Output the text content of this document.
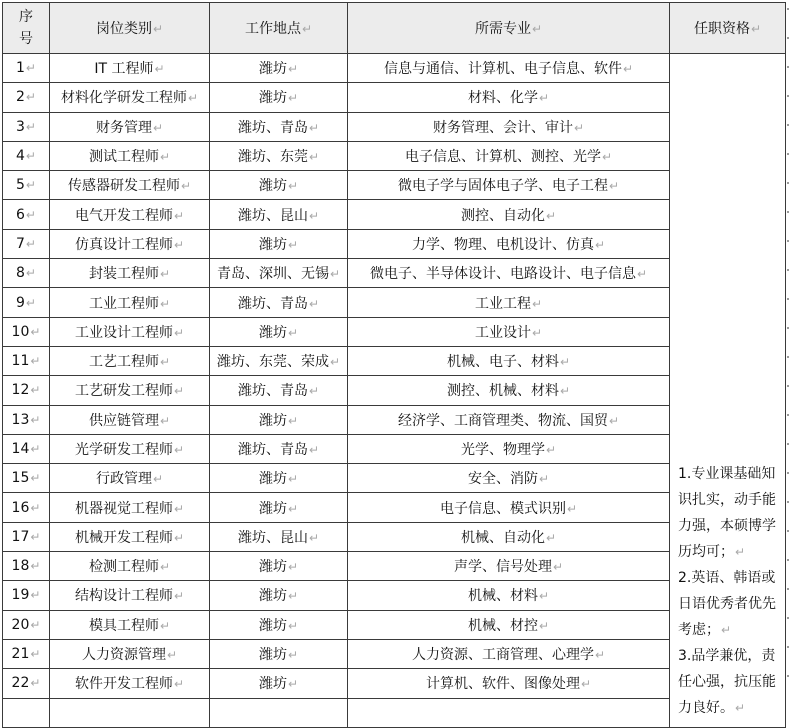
序
号	岗位类别↵	工作地点↵	所需专业↵	任职资格↵
1↵	IT 工程师↵	潍坊↵	信息与通信、计算机、电子信息、软件↵	1.专业课基础知识扎实，动手能力强，本硕博学历均可；↵

2.英语、韩语或日语优秀者优先考虑；↵

3.品学兼优，责任心强，抗压能力良好。↵

2↵	材料化学研发工程师↵	潍坊↵	材料、化学↵	
3↵	财务管理↵	潍坊、青岛↵	财务管理、会计、审计↵	
4↵	测试工程师↵	潍坊、东莞↵	电子信息、计算机、测控、光学↵	
5↵	传感器研发工程师↵	潍坊↵	微电子学与固体电子学、电子工程↵	
6↵	电气开发工程师↵	潍坊、昆山↵	测控、自动化↵	
7↵	仿真设计工程师↵	潍坊↵	力学、物理、电机设计、仿真↵	
8↵	封装工程师↵	青岛、深圳、无锡↵	微电子、半导体设计、电路设计、电子信息↵	
9↵	工业工程师↵	潍坊、青岛↵	工业工程↵	
10↵	工业设计工程师↵	潍坊↵	工业设计↵	
11↵	工艺工程师↵	潍坊、东莞、荣成↵	机械、电子、材料↵	
12↵	工艺研发工程师↵	潍坊、青岛↵	测控、机械、材料↵	
13↵	供应链管理↵	潍坊↵	经济学、工商管理类、物流、国贸↵	
14↵	光学研发工程师↵	潍坊、青岛↵	光学、物理学↵	
15↵	行政管理↵	潍坊↵	安全、消防↵	
16↵	机器视觉工程师↵	潍坊↵	电子信息、模式识别↵	
17↵	机械开发工程师↵	潍坊、昆山↵	机械、自动化↵	
18↵	检测工程师↵	潍坊↵	声学、信号处理↵	
19↵	结构设计工程师↵	潍坊↵	机械、材料↵	
20↵	模具工程师↵	潍坊↵	机械、材控↵	
21↵	人力资源管理↵	潍坊↵	人力资源、工商管理、心理学↵	
22↵	软件开发工程师↵	潍坊↵	计算机、软件、图像处理↵	
